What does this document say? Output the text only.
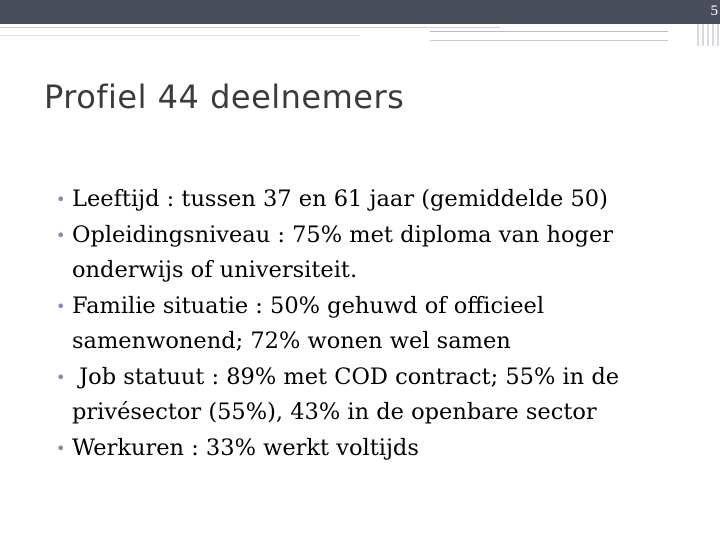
5
Profiel 44 deelnemers
• Leeftijd : tussen 37 en 61 jaar (gemiddelde 50)
• Opleidingsniveau : 75% met diploma van hoger onderwijs of universiteit.
• Familie situatie : 50% gehuwd of officieel samenwonend; 72% wonen wel samen
•  Job statuut : 89% met COD contract; 55% in de privésector (55%), 43% in de openbare sector
• Werkuren : 33% werkt voltijds
